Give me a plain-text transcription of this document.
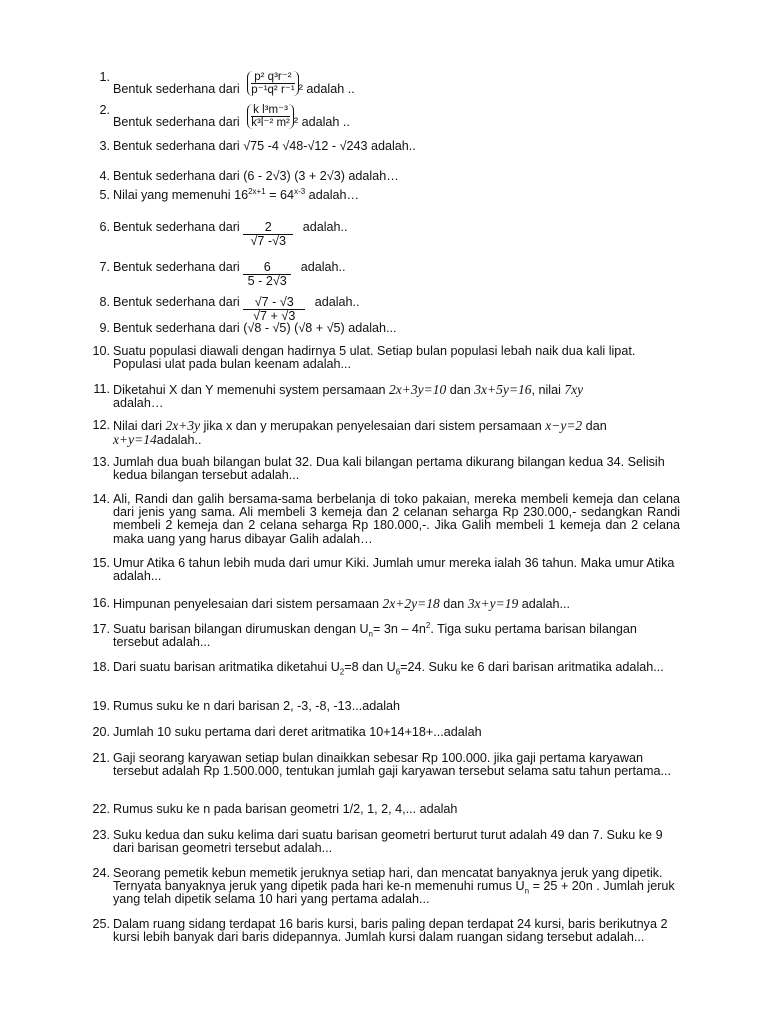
1.
Bentuk sederhana dari $\frac{\text{p² q³r⁻²}}{\text{p⁻¹q² r⁻¹}} ^2$ adalah ..
2.
Bentuk sederhana dari $\frac{\text{k l³m⁻³}}{\text{k³l⁻² m²}} ^2$ adalah ..
3. Bentuk sederhana dari √75 -4 √48-√12 - √243 adalah..
4. Bentuk sederhana dari (6 - 2√3) (3 + 2√3) adalah…
5. Nilai yang memenuhi $16^{2x+1} = 64^{x-3}$ adalah…
6. Bentuk sederhana dari $\frac{2}{√7 -√3}$ adalah..
7. Bentuk sederhana dari $\frac{6}{5 - 2√3}$ adalah..
8. Bentuk sederhana dari $\frac{√7 - √3}{√7 + √3}$ adalah..
9. Bentuk sederhana dari (√8 - √5) (√8 + √5) adalah...
10. Suatu populasi diawali dengan hadirnya 5 ulat. Setiap bulan populasi lebah naik dua kali lipat. Populasi ulat pada bulan keenam adalah...
11. Diketahui X dan Y memenuhi system persamaan 2x+3y=10 dan 3x+5y=16, nilai 7xy
adalah…
12. Nilai dari 2x+3y jika x dan y merupakan penyelesaian dari sistem persamaan x−y=2 dan
x+y=14adalah..
13. Jumlah dua buah bilangan bulat 32. Dua kali bilangan pertama dikurang bilangan kedua 34. Selisih kedua bilangan tersebut adalah...
14. Ali, Randi dan galih bersama-sama berbelanja di toko pakaian, mereka membeli kemeja dan celana dari jenis yang sama. Ali membeli 3 kemeja dan 2 celanan seharga Rp 230.000,- sedangkan Randi membeli 2 kemeja dan 2 celana seharga Rp 180.000,-. Jika Galih membeli 1 kemeja dan 2 celana maka uang yang harus dibayar Galih adalah…
15. Umur Atika 6 tahun lebih muda dari umur Kiki. Jumlah umur mereka ialah 36 tahun. Maka umur Atika adalah...
16. Himpunan penyelesaian dari sistem persamaan 2x+2y=18 dan 3x+y=19 adalah...
17. Suatu barisan bilangan dirumuskan dengan $U_n= 3n - 4n^2$. Tiga suku pertama barisan bilangan tersebut adalah...
18. Dari suatu barisan aritmatika diketahui $U_2=8$ dan $U_6=24$. Suku ke 6 dari barisan aritmatika adalah...
19. Rumus suku ke n dari barisan 2, -3, -8, -13...adalah
20. Jumlah 10 suku pertama dari deret aritmatika 10+14+18+...adalah
21. Gaji seorang karyawan setiap bulan dinaikkan sebesar Rp 100.000. jika gaji pertama karyawan tersebut adalah Rp 1.500.000, tentukan jumlah gaji karyawan tersebut selama satu tahun pertama...
22. Rumus suku ke n pada barisan geometri 1/2, 1, 2, 4,... adalah
23. Suku kedua dan suku kelima dari suatu barisan geometri berturut turut adalah 49 dan 7. Suku ke 9 dari barisan geometri tersebut adalah...
24. Seorang pemetik kebun memetik jeruknya setiap hari, dan mencatat banyaknya jeruk yang dipetik. Ternyata banyaknya jeruk yang dipetik pada hari ke-n memenuhi rumus $U_n = 25 + 20n$ . Jumlah jeruk yang telah dipetik selama 10 hari yang pertama adalah...
25. Dalam ruang sidang terdapat 16 baris kursi, baris paling depan terdapat 24 kursi, baris berikutnya 2 kursi lebih banyak dari baris didepannya. Jumlah kursi dalam ruangan sidang tersebut adalah...
